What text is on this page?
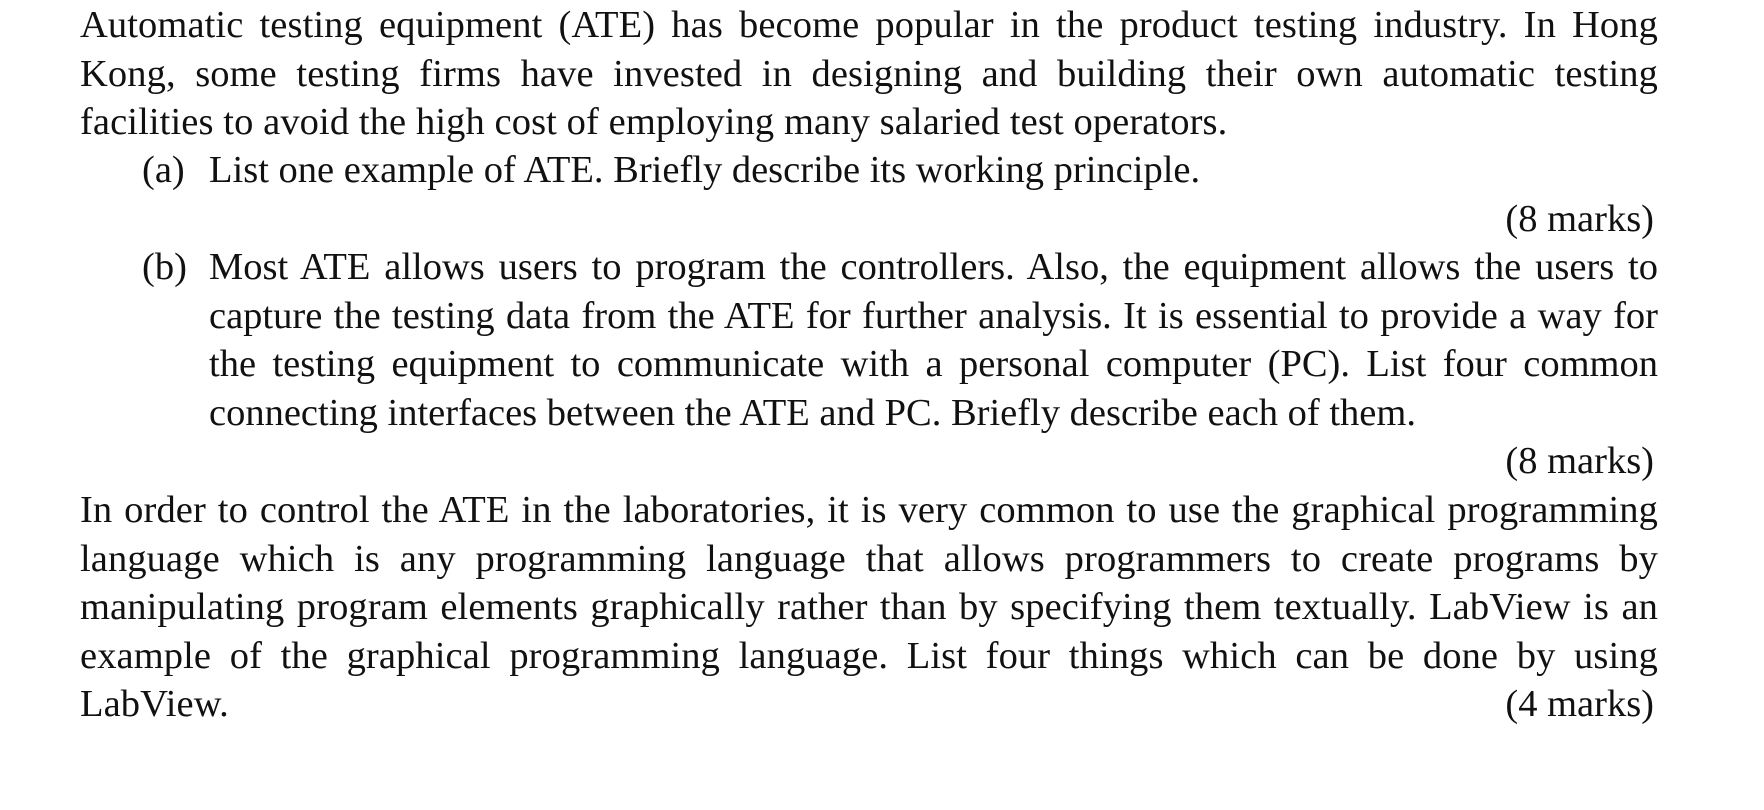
Automatic testing equipment (ATE) has become popular in the product testing industry. In Hong Kong, some testing firms have invested in designing and building their own automatic testing facilities to avoid the high cost of employing many salaried test operators.
(a) List one example of ATE. Briefly describe its working principle.
(8 marks)
(b) Most ATE allows users to program the controllers. Also, the equipment allows the users to capture the testing data from the ATE for further analysis. It is essential to provide a way for the testing equipment to communicate with a personal computer (PC). List four common connecting interfaces between the ATE and PC. Briefly describe each of them.
(8 marks)
In order to control the ATE in the laboratories, it is very common to use the graphical programming language which is any programming language that allows programmers to create programs by manipulating program elements graphically rather than by specifying them textually. LabView is an example of the graphical programming language. List four things which can be done by using LabView.	(4 marks)
